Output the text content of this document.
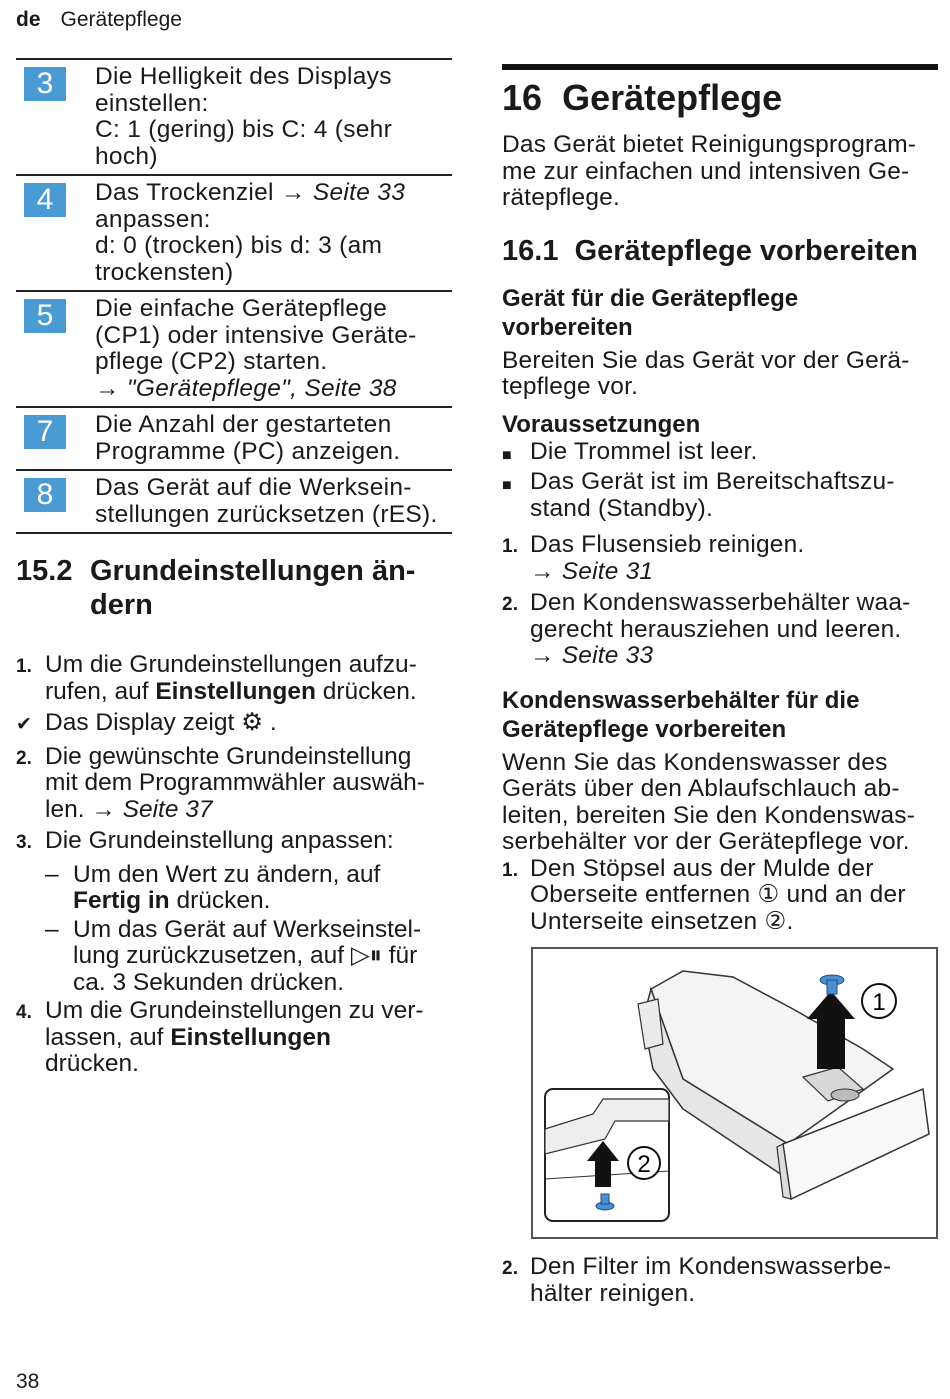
de Gerätepflege
3	Die Helligkeit des Displays
einstellen:
C: 1 (gering) bis C: 4 (sehr
hoch)
4	Das Trockenziel → Seite 33
anpassen:
d: 0 (trocken) bis d: 3 (am
trockensten)
5	Die einfache Gerätepflege
(CP1) oder intensive Geräte-
pflege (CP2) starten.
→ "Gerätepflege", Seite 38
7	Die Anzahl der gestarteten
Programme (PC) anzeigen.
8	Das Gerät auf die Werksein-
stellungen zurücksetzen (rES).
15.2 Grundeinstellungen än-
dern
1. Um die Grundeinstellungen aufzu-
rufen, auf Einstellungen drücken.
✔ Das Display zeigt ⚙ .
2. Die gewünschte Grundeinstellung
mit dem Programmwähler auswäh-
len. → Seite 37
3. Die Grundeinstellung anpassen:
– Um den Wert zu ändern, auf
Fertig in drücken.
– Um das Gerät auf Werkseinstel-
lung zurückzusetzen, auf ▷⏸ für
ca. 3 Sekunden drücken.
4. Um die Grundeinstellungen zu ver-
lassen, auf Einstellungen
drücken.
16 Gerätepflege
Das Gerät bietet Reinigungsprogram-
me zur einfachen und intensiven Ge-
rätepflege.
16.1 Gerätepflege vorbereiten
Gerät für die Gerätepflege
vorbereiten
Bereiten Sie das Gerät vor der Gerä-
tepflege vor.
Voraussetzungen
■ Die Trommel ist leer.
■ Das Gerät ist im Bereitschaftszu-
stand (Standby).
1. Das Flusensieb reinigen.
→ Seite 31
2. Den Kondenswasserbehälter waa-
gerecht herausziehen und leeren.
→ Seite 33
Kondenswasserbehälter für die
Gerätepflege vorbereiten
Wenn Sie das Kondenswasser des
Geräts über den Ablaufschlauch ab-
leiten, bereiten Sie den Kondenswas-
serbehälter vor der Gerätepflege vor.
1. Den Stöpsel aus der Mulde der
Oberseite entfernen ① und an der
Unterseite einsetzen ②.
1
2
2. Den Filter im Kondenswasserbe-
hälter reinigen.
38
